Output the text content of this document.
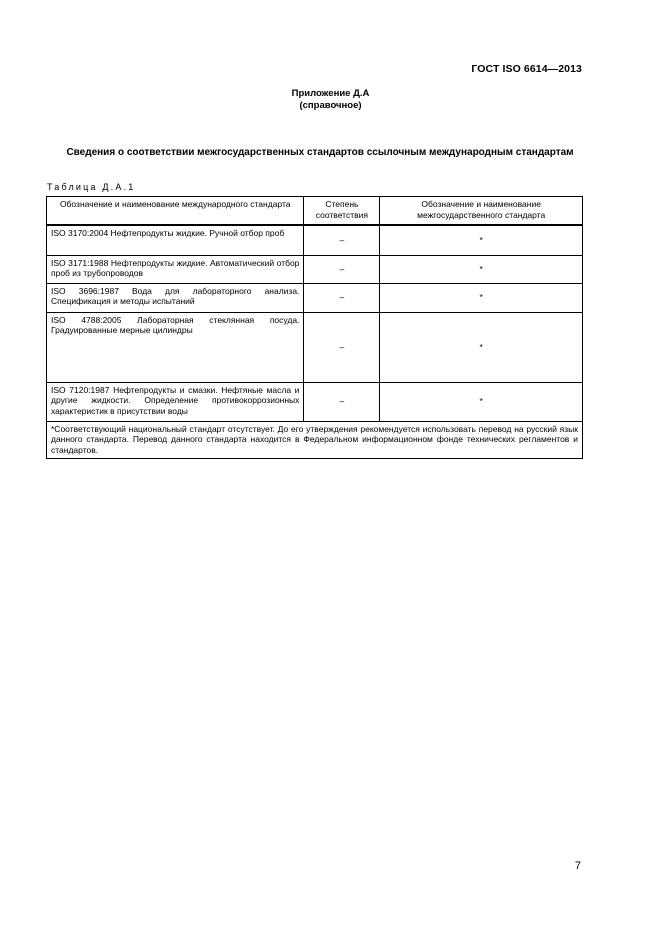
ГОСТ ISO 6614—2013
Приложение Д.А
(справочное)
Сведения о соответствии межгосударственных стандартов ссылочным международным стандартам
Таблица Д.А.1
Обозначение и наименование международного стандарта	Степень соответствия	Обозначение и наименование межгосударственного стандарта
ISO 3170:2004 Нефтепродукты жидкие. Ручной отбор проб	–	*
ISO 3171:1988 Нефтепродукты жидкие. Автоматический отбор проб из трубопроводов	–	*
ISO 3696:1987 Вода для лабораторного анализа. Спецификация и методы испытаний	–	*
ISO 4788:2005 Лабораторная стеклянная посуда. Градуированные мерные цилиндры	–	*
ISO 7120:1987 Нефтепродукты и смазки. Нефтяные масла и другие жидкости. Определение противокоррозионных характеристик в присутствии воды	–	*
*Соответствующий национальный стандарт отсутствует. До его утверждения рекомендуется использовать перевод на русский язык данного стандарта. Перевод данного стандарта находится в Федеральном информационном фонде технических регламентов и стандартов.		
7
